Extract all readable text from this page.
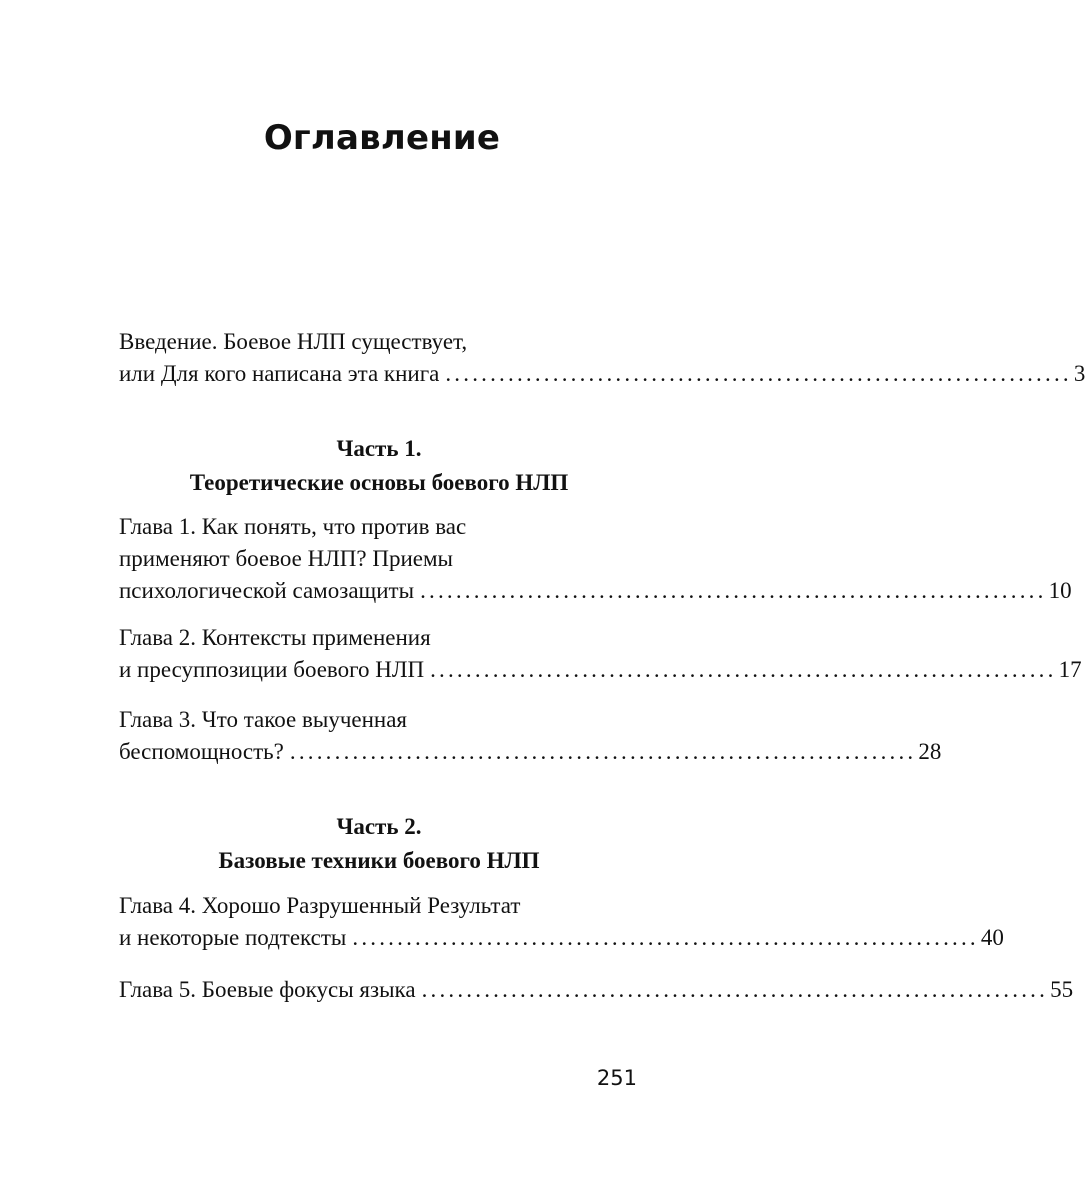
Оглавление
Введение. Боевое НЛП существует,
или Для кого написана эта книга ...................................................................... 3
Часть 1.
Теоретические основы боевого НЛП
Глава 1. Как понять, что против вас
применяют боевое НЛП? Приемы
психологической самозащиты ...................................................................... 10
Глава 2. Контексты применения
и пресуппозиции боевого НЛП ...................................................................... 17
Глава 3. Что такое выученная
беспомощность? ...................................................................... 28
Часть 2.
Базовые техники боевого НЛП
Глава 4. Хорошо Разрушенный Результат
и некоторые подтексты ...................................................................... 40
Глава 5. Боевые фокусы языка ...................................................................... 55
251
